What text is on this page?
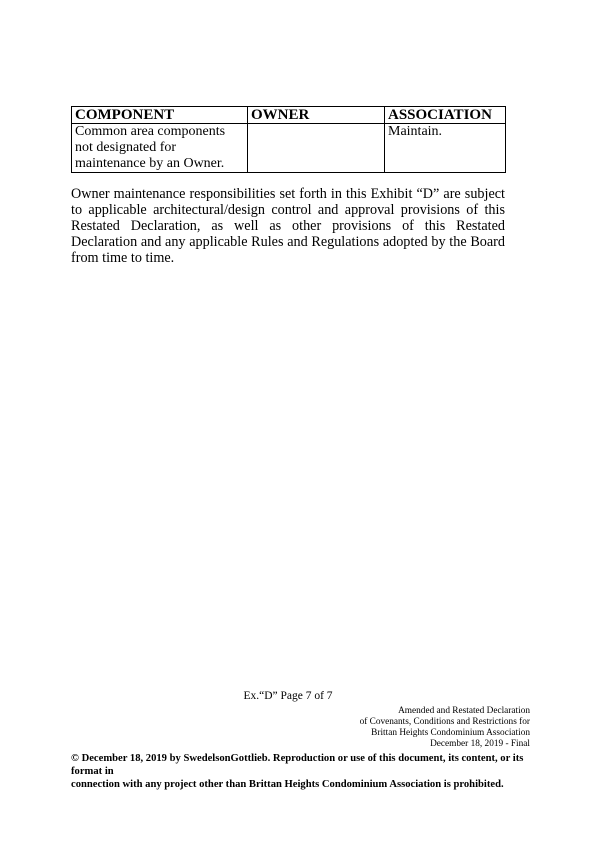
COMPONENT	OWNER	ASSOCIATION

Common area components
not designated for
maintenance by an Owner.		Maintain.

Owner maintenance responsibilities set forth in this Exhibit “D” are subject to applicable architectural/design control and approval provisions of this Restated Declaration, as well as other provisions of this Restated Declaration and any applicable Rules and Regulations adopted by the Board from time to time.

Ex.“D” Page 7 of 7
Amended and Restated Declaration
of Covenants, Conditions and Restrictions for
Brittan Heights Condominium Association
December 18, 2019 - Final
© December 18, 2019 by SwedelsonGottlieb. Reproduction or use of this document, its content, or its format in
connection with any project other than Brittan Heights Condominium Association is prohibited.
